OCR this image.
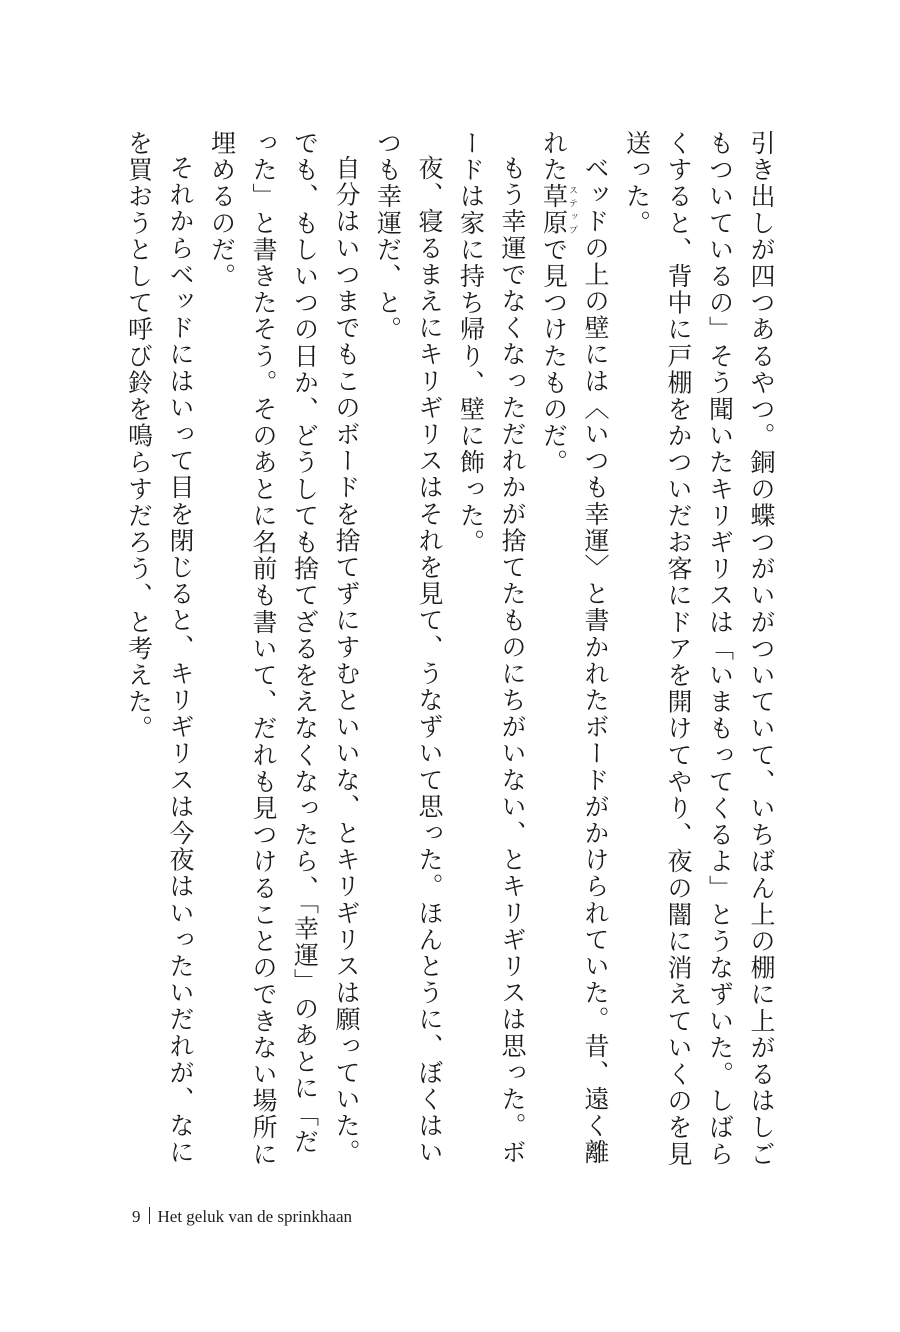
引き出しが四つあるやつ。銅の蝶つがいがついていて、いちばん上の棚に上がるはしごもついているの」そう聞いたキリギリスは「いまもってくるよ」とうなずいた。しばらくすると、背中に戸棚をかついだお客にドアを開けてやり、夜の闇に消えていくのを見送った。

ベッドの上の壁には〈いつも幸運〉と書かれたボードがかけられていた。昔、遠く離れた草原ステップで見つけたものだ。

もう幸運でなくなっただれかが捨てたものにちがいない、とキリギリスは思った。ボードは家に持ち帰り、壁に飾った。

夜、寝るまえにキリギリスはそれを見て、うなずいて思った。ほんとうに、ぼくはいつも幸運だ、と。

自分はいつまでもこのボードを捨てずにすむといいな、とキリギリスは願っていた。でも、もしいつの日か、どうしても捨てざるをえなくなったら、「幸運」のあとに「だった」と書きたそう。そのあとに名前も書いて、だれも見つけることのできない場所に埋めるのだ。

それからベッドにはいって目を閉じると、キリギリスは今夜はいったいだれが、なにを買おうとして呼び鈴を鳴らすだろう、と考えた。

9 Het geluk van de sprinkhaan
